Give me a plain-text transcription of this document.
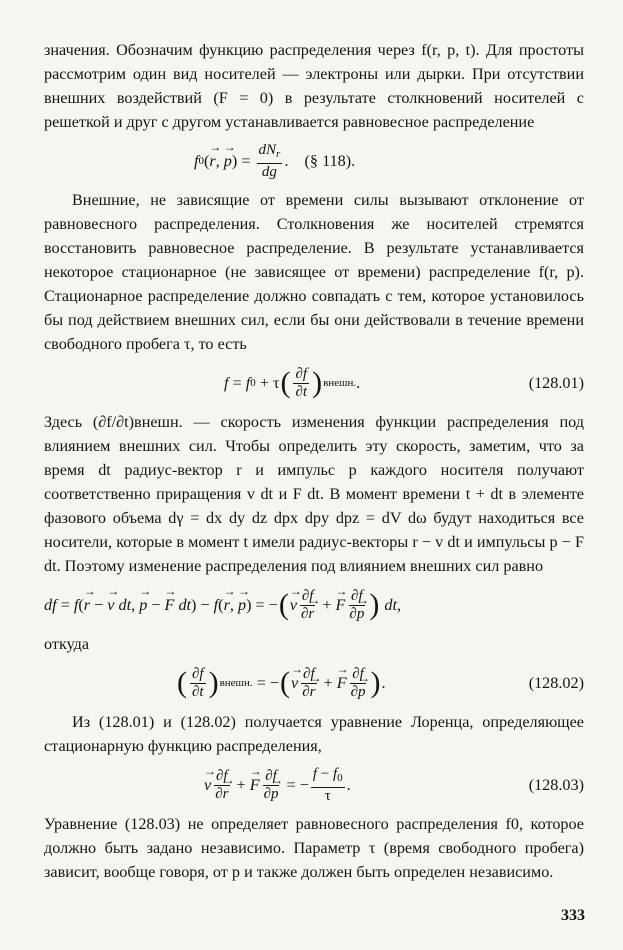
значения. Обозначим функцию распределения через f(r, p, t). Для простоты рассмотрим один вид носителей — электроны или дырки. При отсутствии внешних воздействий (F = 0) в результате столкновений носителей с решеткой и друг с другом устанавливается равновесное распределение

f 0 ( → r , → p ) = $\frac{dN_r}{dg}$ . (§ 118).

Внешние, не зависящие от времени силы вызывают отклонение от равновесного распределения. Столкновения же носителей стремятся восстановить равновесное распределение. В результате устанавливается некоторое стационарное (не зависящее от времени) распределение f(r, p). Стационарное распределение должно совпадать с тем, которое установилось бы под действием внешних сил, если бы они действовали в течение времени свободного пробега τ, то есть

f = f 0 + τ ( $\frac{\partial f}{\partial t}$ ) внешн. .	(128.01)

Здесь (∂f/∂t)внешн. — скорость изменения функции распределения под влиянием внешних сил. Чтобы определить эту скорость, заметим, что за время dt радиус-вектор r и импульс p каждого носителя получают соответственно приращения v dt и F dt. В момент времени t + dt в элементе фазового объема dγ = dx dy dz dpx dpy dpz = dV dω будут находиться все носители, которые в момент t имели радиус-векторы r − v dt и импульсы p − F dt. Поэтому изменение распределения под влиянием внешних сил равно

df = f ( → r − → v
dt , → p − → F
dt ) − f ( → r , → p ) = − ( → v $\frac{\partial f}{\partial\to r}$ + → F $\frac{\partial f}{\partial\to p}$ )
dt ,

откуда

( $\frac{\partial f}{\partial t}$ ) внешн. = − ( → v $\frac{\partial f}{\partial\to r}$ + → F $\frac{\partial f}{\partial\to p}$ ) .	(128.02)

Из (128.01) и (128.02) получается уравнение Лоренца, определяющее стационарную функцию распределения,

→ v $\frac{\partial f}{\partial\to r}$ + → F $\frac{\partial f}{\partial\to p}$ = − $\frac{f - f_0}{\tau}$ .	(128.03)

Уравнение (128.03) не определяет равновесного распределения f0, которое должно быть задано независимо. Параметр τ (время свободного пробега) зависит, вообще говоря, от p и также должен быть определен независимо.

333
